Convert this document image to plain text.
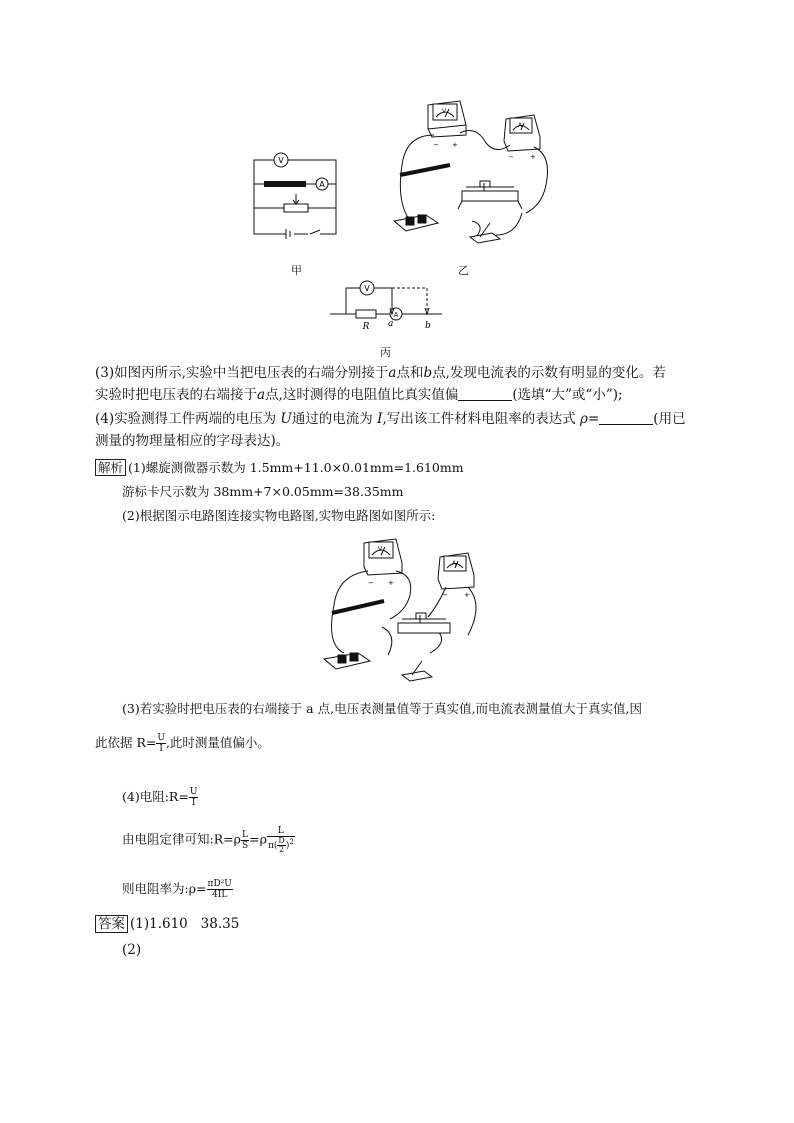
V
A
甲
− +
− +
V
A
乙
V
A
R a	b
丙
(3)如图丙所示,实验中当把电压表的右端分别接于a点和b点,发现电流表的示数有明显的变化。若
实验时把电压表的右端接于a点,这时测得的电阻值比真实值偏	(选填“大”或“小”);
(4)实验测得工件两端的电压为 U通过的电流为 I,写出该工件材料电阻率的表达式 ρ=	(用已
测量的物理量相应的字母表达)。
解析 (1)螺旋测微器示数为 1.5mm+11.0×0.01mm=1.610mm
游标卡尺示数为 38mm+7×0.05mm=38.35mm
(2)根据图示电路图连接实物电路图,实物电路图如图所示:
− +
− +
V
A
(3)若实验时把电压表的右端接于 a 点,电压表测量值等于真实值,而电流表测量值大于真实值,因
此依据 $R= \frac{U}{I}$ ,此时测量值偏小。
(4)电阻:R= $\frac{U}{I}$
由电阻定律可知:R=ρ $\frac{L}{S} =\rho \frac{L}{\pi( \frac{D}{2} )^2}$
则电阻率为:ρ= $\frac{\text{πD²U}}{4IL}$
答案 (1)1.610   38.35
(2)
